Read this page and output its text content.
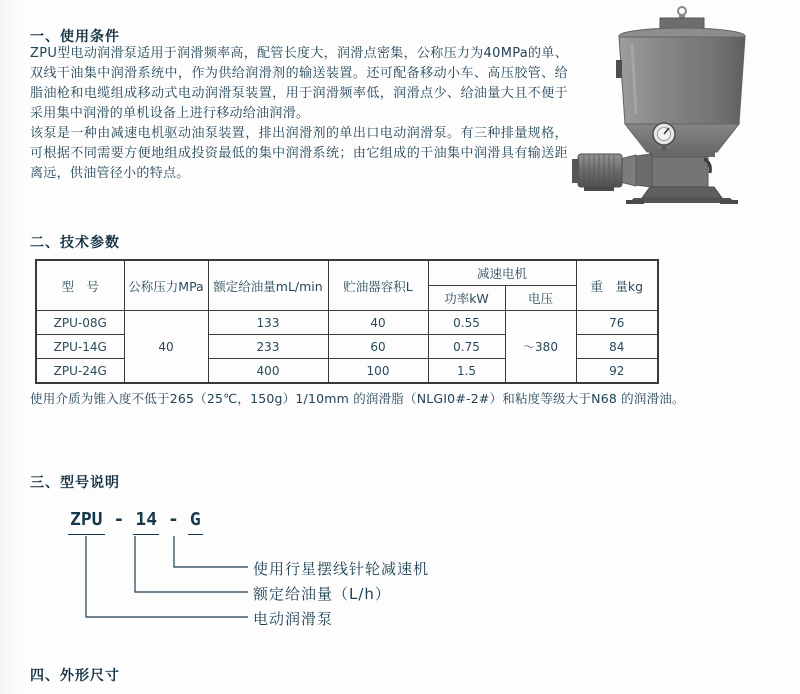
一、使用条件

ZPU型电动润滑泵适用于润滑频率高，配管长度大，润滑点密集，公称压力为40MPa的单、双线干油集中润滑系统中，作为供给润滑剂的输送装置。还可配备移动小车、高压胶管、给脂油枪和电缆组成移动式电动润滑泵装置，用于润滑频率低，润滑点少、给油量大且不便于采用集中润滑的单机设备上进行移动给油润滑。

该泵是一种由减速电机驱动油泵装置，排出润滑剂的单出口电动润滑泵。有三种排量规格，可根据不同需要方便地组成投资最低的集中润滑系统；由它组成的干油集中润滑具有输送距离远，供油管径小的特点。

二、技术参数
型　号	公称压力MPa	额定给油量mL/min	贮油器容积L	减速电机		重　量kg
				功率kW	电压	
ZPU-08G	40	133	40	0.55	～380	76
ZPU-14G		233	60	0.75		84
ZPU-24G		400	100	1.5		92
使用介质为锥入度不低于265（25℃，150g）1/10mm 的润滑脂（NLGI0#-2#）和粘度等级大于N68 的润滑油。
三、型号说明
ZPU - 14 - G
使用行星摆线针轮减速机
额定给油量（L/h）
电动润滑泵
四、外形尺寸
